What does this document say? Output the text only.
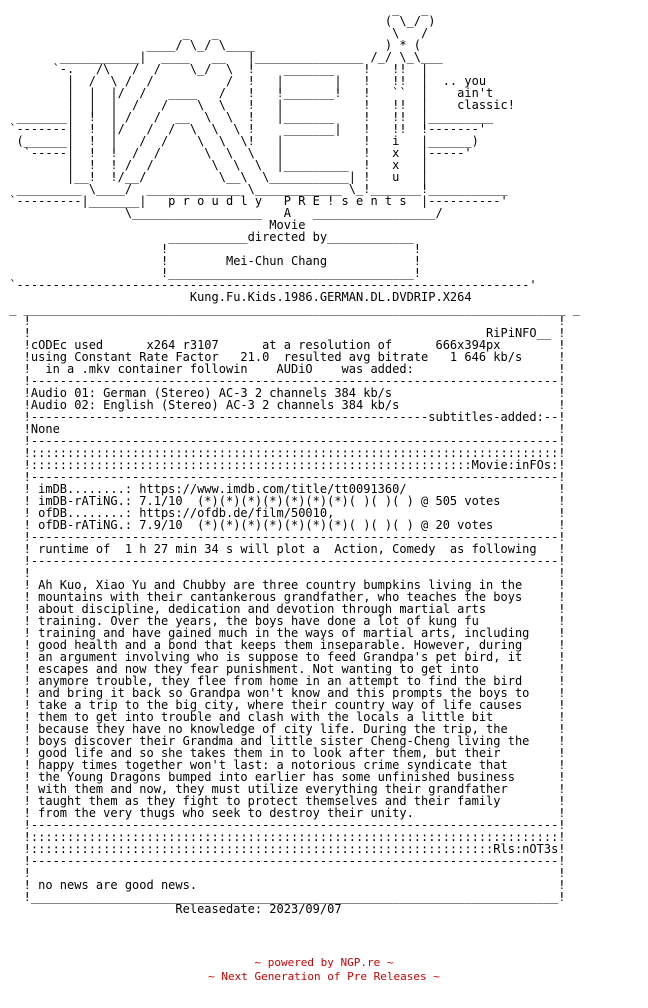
_   _
( \_/ )
_   _                        \   /
____/ \_/ \____                  ) * (
___________|  ____   __   |_______________ /_/ \_\___
`-.   /\   /  /    \_/  \  !    _______    !   !!  |
|  /  \ /  /          /  !   |       |   !   !!  |  .. you
|  |  |/  /   ____   /   !   !_______!   !   ``  |    ain't
|  |  |  /   /    \  \   !   |           !   !!  |    classic!
_______|  !  | /   /  __  \  \  !   |_______    !   !!  |_________
`-------|  !  |/   /  /  \  \  \ !    _______|   !   !!  !-------'
(______|  !  |   /  /    \  \  \!   |           !   i   |______)
`-----|  !  !  /  /      \  \  \   |           !   x   |-----'
|  !  ! /  /        \  \  \  |_________  !   x   |
|__!  !/__/          \__\  \___________| !   u   |
_________ \____/  _____________ \____________ \_!_______!___________
`---------|_______|   p r o u d l y   P R E ! s e n t s  |----------'
\__________________   A   _________________/
Movie
___________directed by____________
!                                  !
!        Mei-Chun Chang            !
!__________________________________!
`-----------------------------------------------------------------------'
Kung.Fu.Kids.1986.GERMAN.DL.DVDRIP.X264
_ ___________________________________________________________________________ _
!                                                                         !
!                                                               RiPiNFO__ !
!cODEc used      x264 r3107      at a resolution of      666x394px        !
!using Constant Rate Factor   21.0  resulted avg bitrate   1 646 kb/s     !
!  in a .mkv container followin    AUDiO    was added:                    !
!-------------------------------------------------------------------------!
!Audio 01: German (Stereo) AC-3 2 channels 384 kb/s                       !
!Audio 02: English (Stereo) AC-3 2 channels 384 kb/s                      !
!-------------------------------------------------------subtitles-added:--!
!None                                                                     !
!-------------------------------------------------------------------------!
!:::::::::::::::::::::::::::::::::::::::::::::::::::::::::::::::::::::::::!
!:::::::::::::::::::::::::::::::::::::::::::::::::::::::::::::Movie:inFOs:!
!-------------------------------------------------------------------------!
! imDB........: https://www.imdb.com/title/tt0091360/                     !
! imDB-rATiNG.: 7.1/10  (*)(*)(*)(*)(*)(*)(*)( )( )( ) @ 505 votes        !
! ofDB........: https://ofdb.de/film/50010,                               !
! ofDB-rATiNG.: 7.9/10  (*)(*)(*)(*)(*)(*)(*)( )( )( ) @ 20 votes         !
!-------------------------------------------------------------------------!
! runtime of  1 h 27 min 34 s will plot a  Action, Comedy  as following   !
!-------------------------------------------------------------------------!
!                                                                         !
! Ah Kuo, Xiao Yu and Chubby are three country bumpkins living in the     !
! mountains with their cantankerous grandfather, who teaches the boys     !
! about discipline, dedication and devotion through martial arts          !
! training. Over the years, the boys have done a lot of kung fu           !
! training and have gained much in the ways of martial arts, including    !
! good health and a bond that keeps them inseparable. However, during     !
! an argument involving who is suppose to feed Grandpa's pet bird, it     !
! escapes and now they fear punishment. Not wanting to get into           !
! anymore trouble, they flee from home in an attempt to find the bird     !
! and bring it back so Grandpa won't know and this prompts the boys to    !
! take a trip to the big city, where their country way of life causes     !
! them to get into trouble and clash with the locals a little bit         !
! because they have no knowledge of city life. During the trip, the       !
! boys discover their Grandma and little sister Cheng-Cheng living the    !
! good life and so she takes them in to look after them, but their        !
! happy times together won't last: a notorious crime syndicate that       !
! the Young Dragons bumped into earlier has some unfinished business      !
! with them and now, they must utilize everything their grandfather       !
! taught them as they fight to protect themselves and their family        !
! from the very thugs who seek to destroy their unity.                    !
!-------------------------------------------------------------------------!
!:::::::::::::::::::::::::::::::::::::::::::::::::::::::::::::::::::::::::!
!::::::::::::::::::::::::::::::::::::::::::::::::::::::::::::::::Rls:nOT3s!
!-------------------------------------------------------------------------!
!                                                                         !
! no news are good news.                                                  !
!_________________________________________________________________________!
Releasedate: 2023/09/07

~ powered by NGP.re ~
~ Next Generation of Pre Releases ~
